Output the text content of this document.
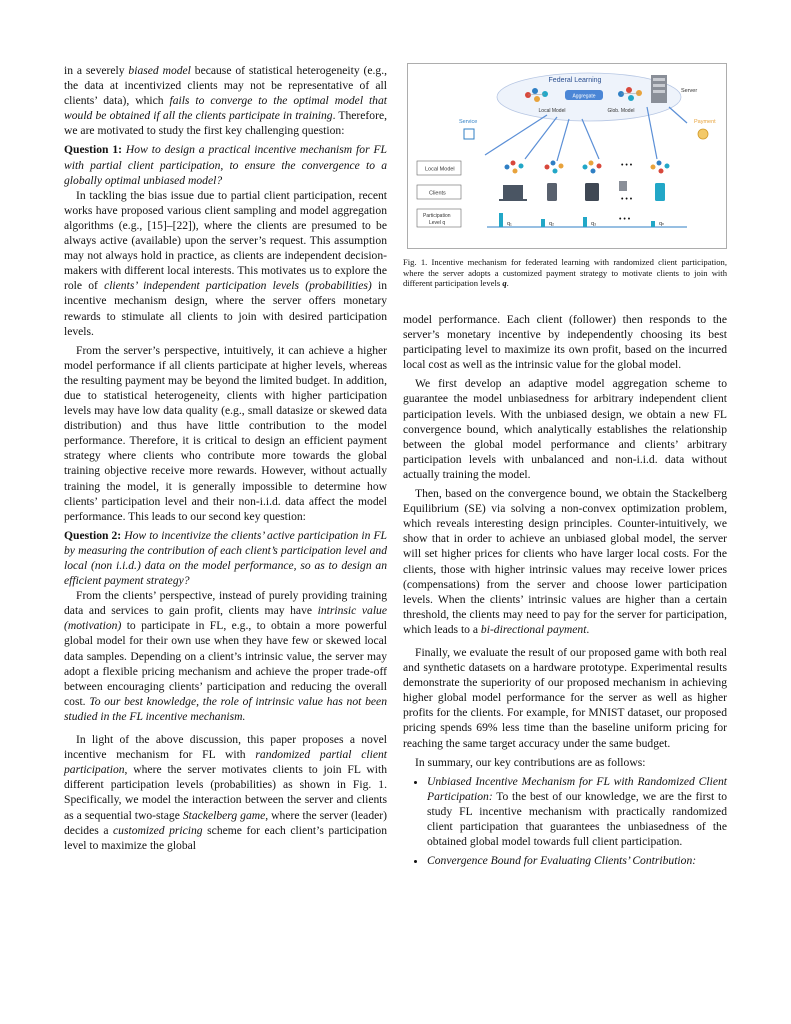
in a severely biased model because of statistical heterogeneity (e.g., the data at incentivized clients may not be representative of all clients’ data), which fails to converge to the optimal model that would be obtained if all the clients participate in training. Therefore, we are motivated to study the first key challenging question:

Question 1: How to design a practical incentive mechanism for FL with partial client participation, to ensure the convergence to a globally optimal unbiased model?

In tackling the bias issue due to partial client participation, recent works have proposed various client sampling and model aggregation algorithms (e.g., [15]–[22]), where the clients are presumed to be always active (available) upon the server’s request. This assumption may not always hold in practice, as clients are independent decision-makers with different local interests. This motivates us to explore the role of clients’ independent participation levels (probabilities) in incentive mechanism design, where the server offers monetary rewards to stimulate all clients to join with desired participation levels.

From the server’s perspective, intuitively, it can achieve a higher model performance if all clients participate at higher levels, whereas the resulting payment may be beyond the limited budget. In addition, due to statistical heterogeneity, clients with higher participation levels may have low data quality (e.g., small datasize or skewed data distribution) and thus have little contribution to the model performance. Therefore, it is critical to design an efficient payment strategy where clients who contribute more towards the global training objective receive more rewards. However, without actually training the model, it is generally impossible to determine how clients’ participation level and their non-i.i.d. data affect the model performance. This leads to our second key question:

Question 2: How to incentivize the clients’ active participation in FL by measuring the contribution of each client’s participation level and local (non i.i.d.) data on the model performance, so as to design an efficient payment strategy?

From the clients’ perspective, instead of purely providing training data and services to gain profit, clients may have intrinsic value (motivation) to participate in FL, e.g., to obtain a more powerful global model for their own use when they have few or skewed local data samples. Depending on a client’s intrinsic value, the server may adopt a flexible pricing mechanism and achieve the proper trade-off between encouraging clients’ participation and reducing the overall cost. To our best knowledge, the role of intrinsic value has not been studied in the FL incentive mechanism.

In light of the above discussion, this paper proposes a novel incentive mechanism for FL with randomized partial client participation, where the server motivates clients to join FL with different participation levels (probabilities) as shown in Fig. 1. Specifically, we model the interaction between the server and clients as a sequential two-stage Stackelberg game, where the server (leader) decides a customized pricing scheme for each client’s participation level to maximize the global

Federal Learning
Aggregate
Local Model	Glob. Model
Server
Service	Payment
Local Model
Clients
Participation
Level q
• • •
• • •
q₁	q₂	q₃	qₙ
• • •
Fig. 1. Incentive mechanism for federated learning with randomized client participation, where the server adopts a customized payment strategy to motivate clients to join with different participation levels q.

model performance. Each client (follower) then responds to the server’s monetary incentive by independently choosing its best participating level to maximize its own profit, based on the incurred local cost as well as the intrinsic value for the global model.

We first develop an adaptive model aggregation scheme to guarantee the model unbiasedness for arbitrary independent client participation levels. With the unbiased design, we obtain a new FL convergence bound, which analytically establishes the relationship between the global model performance and clients’ arbitrary participation levels with unbalanced and non-i.i.d. data without actually training the model.

Then, based on the convergence bound, we obtain the Stackelberg Equilibrium (SE) via solving a non-convex optimization problem, which reveals interesting design principles. Counter-intuitively, we show that in order to achieve an unbiased global model, the server will set higher prices for clients who have larger local costs. For the clients, those with higher intrinsic values may receive lower prices (compensations) from the server and choose lower participation levels. When the clients’ intrinsic values are higher than a certain threshold, the clients may need to pay for the server for participation, which leads to a bi-directional payment.

Finally, we evaluate the result of our proposed game with both real and synthetic datasets on a hardware prototype. Experimental results demonstrate the superiority of our proposed mechanism in achieving higher global model performance for the server as well as higher profits for the clients. For example, for MNIST dataset, our proposed pricing spends 69% less time than the baseline uniform pricing for reaching the same target accuracy under the same budget.

In summary, our key contributions are as follows:

• Unbiased Incentive Mechanism for FL with Randomized Client Participation: To the best of our knowledge, we are the first to study FL incentive mechanism with practically randomized client participation that guarantees the unbiasedness of the obtained global model towards full client participation.
• Convergence Bound for Evaluating Clients’ Contribution:
